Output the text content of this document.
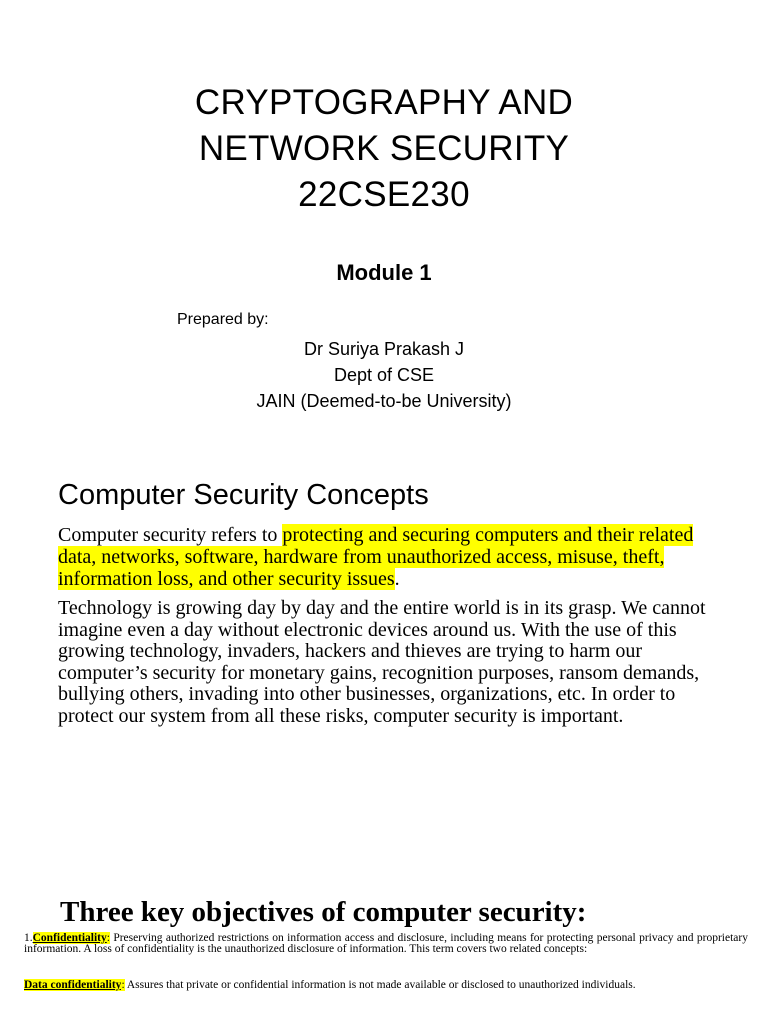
CRYPTOGRAPHY AND
NETWORK SECURITY
22CSE230
Module 1
Prepared by:
Dr Suriya Prakash J
Dept of CSE
JAIN (Deemed-to-be University)
Computer Security Concepts
Computer security refers to protecting and securing computers and their related data, networks, software, hardware from unauthorized access, misuse, theft, information loss, and other security issues.
Technology is growing day by day and the entire world is in its grasp. We cannot imagine even a day without electronic devices around us. With the use of this growing technology, invaders, hackers and thieves are trying to harm our computer’s security for monetary gains, recognition purposes, ransom demands, bullying others, invading into other businesses, organizations, etc. In order to protect our system from all these risks, computer security is important.
Three key objectives of computer security:
1.Confidentiality: Preserving authorized restrictions on information access and disclosure, including means for protecting personal privacy and proprietary information. A loss of confidentiality is the unauthorized disclosure of information. This term covers two related concepts:
Data confidentiality: Assures that private or confidential information is not made available or disclosed to unauthorized individuals.
